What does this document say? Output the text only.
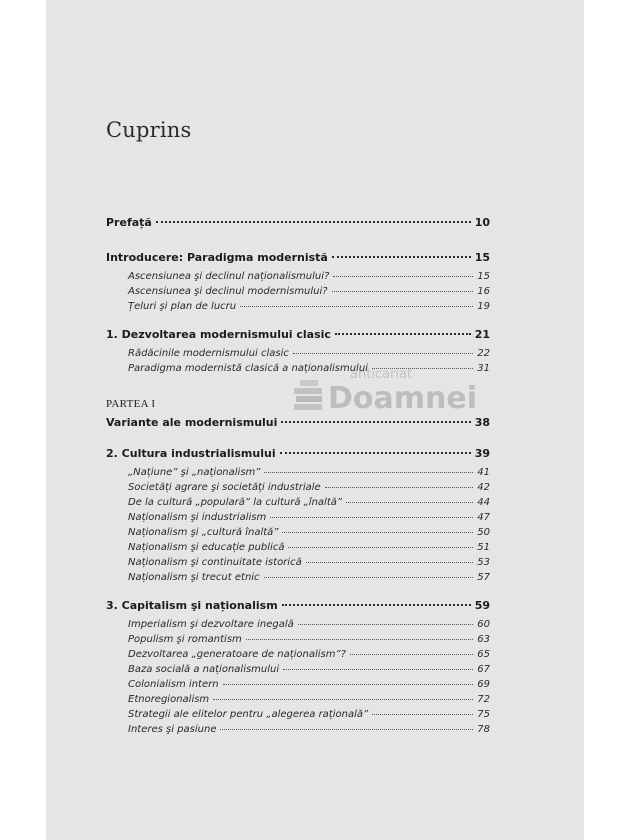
Cuprins
Prefață	10
Introducere: Paradigma modernistă	15
Ascensiunea şi declinul naționalismului?	15
Ascensiunea şi declinul modernismului?	16
Țeluri şi plan de lucru	19
1. Dezvoltarea modernismului clasic	21
Rădăcinile modernismului clasic	22
Paradigma modernistă clasică a naționalismului	31
PARTEA I
Variante ale modernismului	38
2. Cultura industrialismului	39
„Națiune” şi „naționalism”	41
Societăți agrare şi societăți industriale	42
De la cultură „populară” la cultură „înaltă”	44
Naționalism şi industrialism	47
Naționalism şi „cultură înaltă”	50
Naționalism şi educație publică	51
Naționalism şi continuitate istorică	53
Naționalism şi trecut etnic	57
3. Capitalism şi naționalism	59
Imperialism şi dezvoltare inegală	60
Populism şi romantism	63
Dezvoltarea „generatoare de naționalism”?	65
Baza socială a naționalismului	67
Colonialism intern	69
Etnoregionalism	72
Strategii ale elitelor pentru „alegerea rațională”	75
Interes şi pasiune	78
anticariat
Doamnei
